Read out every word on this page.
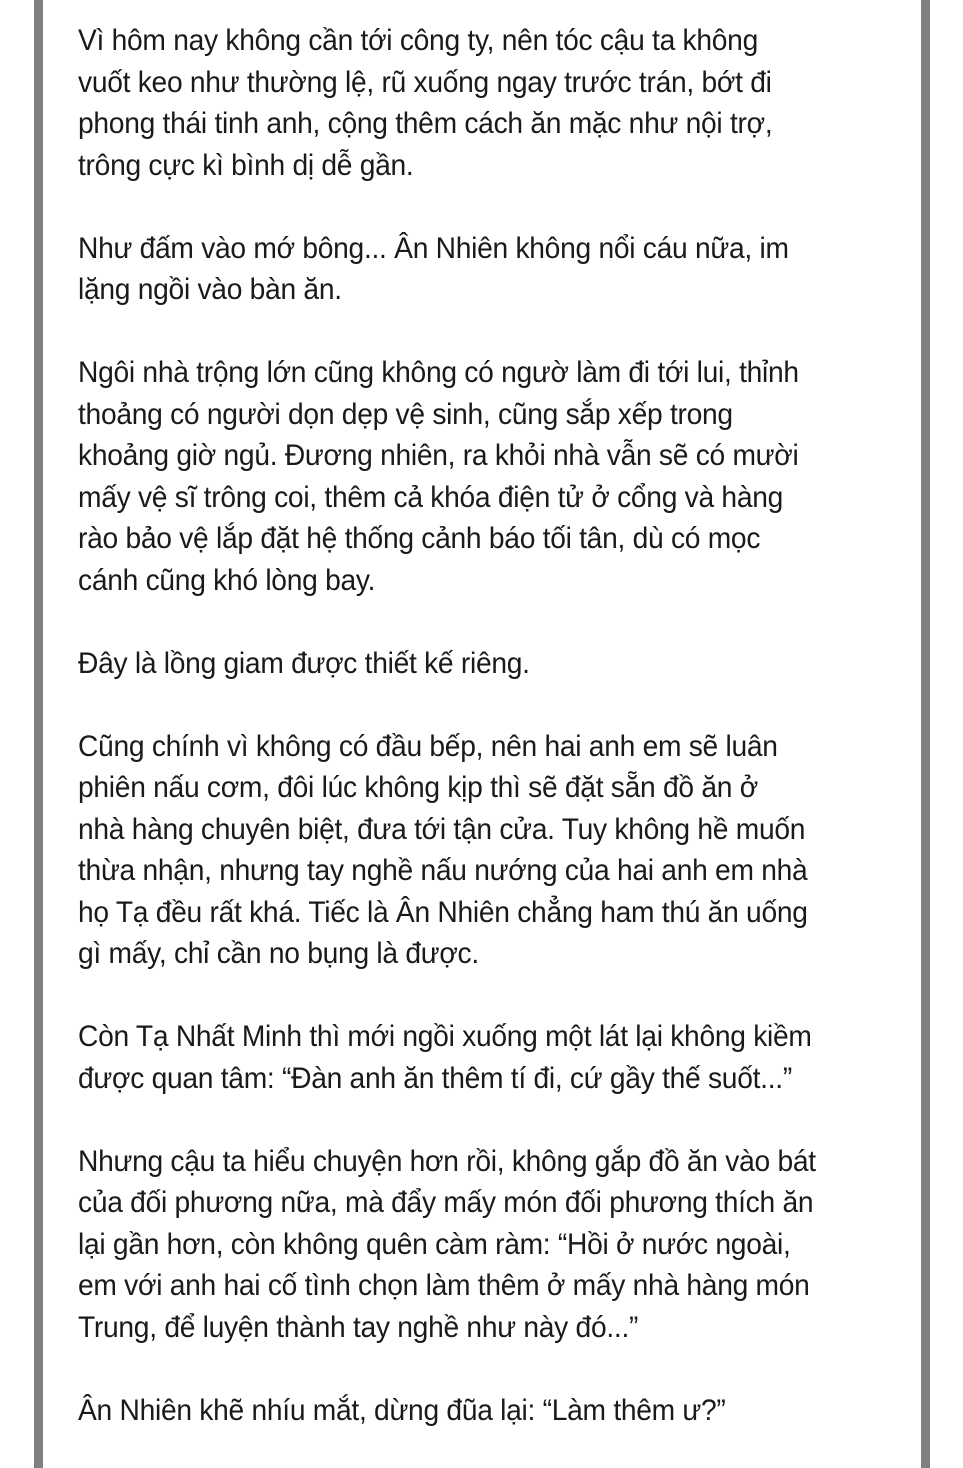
Vì hôm nay không cần tới công ty, nên tóc cậu ta không
vuốt keo như thường lệ, rũ xuống ngay trước trán, bớt đi
phong thái tinh anh, cộng thêm cách ăn mặc như nội trợ,
trông cực kì bình dị dễ gần.

Như đấm vào mớ bông... Ân Nhiên không nổi cáu nữa, im
lặng ngồi vào bàn ăn.

Ngôi nhà trộng lớn cũng không có ngườ làm đi tới lui, thỉnh
thoảng có người dọn dẹp vệ sinh, cũng sắp xếp trong
khoảng giờ ngủ. Đương nhiên, ra khỏi nhà vẫn sẽ có mười
mấy vệ sĩ trông coi, thêm cả khóa điện tử ở cổng và hàng
rào bảo vệ lắp đặt hệ thống cảnh báo tối tân, dù có mọc
cánh cũng khó lòng bay.

Đây là lồng giam được thiết kế riêng.

Cũng chính vì không có đầu bếp, nên hai anh em sẽ luân
phiên nấu cơm, đôi lúc không kịp thì sẽ đặt sẵn đồ ăn ở
nhà hàng chuyên biệt, đưa tới tận cửa. Tuy không hề muốn
thừa nhận, nhưng tay nghề nấu nướng của hai anh em nhà
họ Tạ đều rất khá. Tiếc là Ân Nhiên chẳng ham thú ăn uống
gì mấy, chỉ cần no bụng là được.

Còn Tạ Nhất Minh thì mới ngồi xuống một lát lại không kiềm
được quan tâm: “Đàn anh ăn thêm tí đi, cứ gầy thế suốt...”

Nhưng cậu ta hiểu chuyện hơn rồi, không gắp đồ ăn vào bát
của đối phương nữa, mà đẩy mấy món đối phương thích ăn
lại gần hơn, còn không quên càm ràm: “Hồi ở nước ngoài,
em với anh hai cố tình chọn làm thêm ở mấy nhà hàng món
Trung, để luyện thành tay nghề như này đó...”

Ân Nhiên khẽ nhíu mắt, dừng đũa lại: “Làm thêm ư?”
